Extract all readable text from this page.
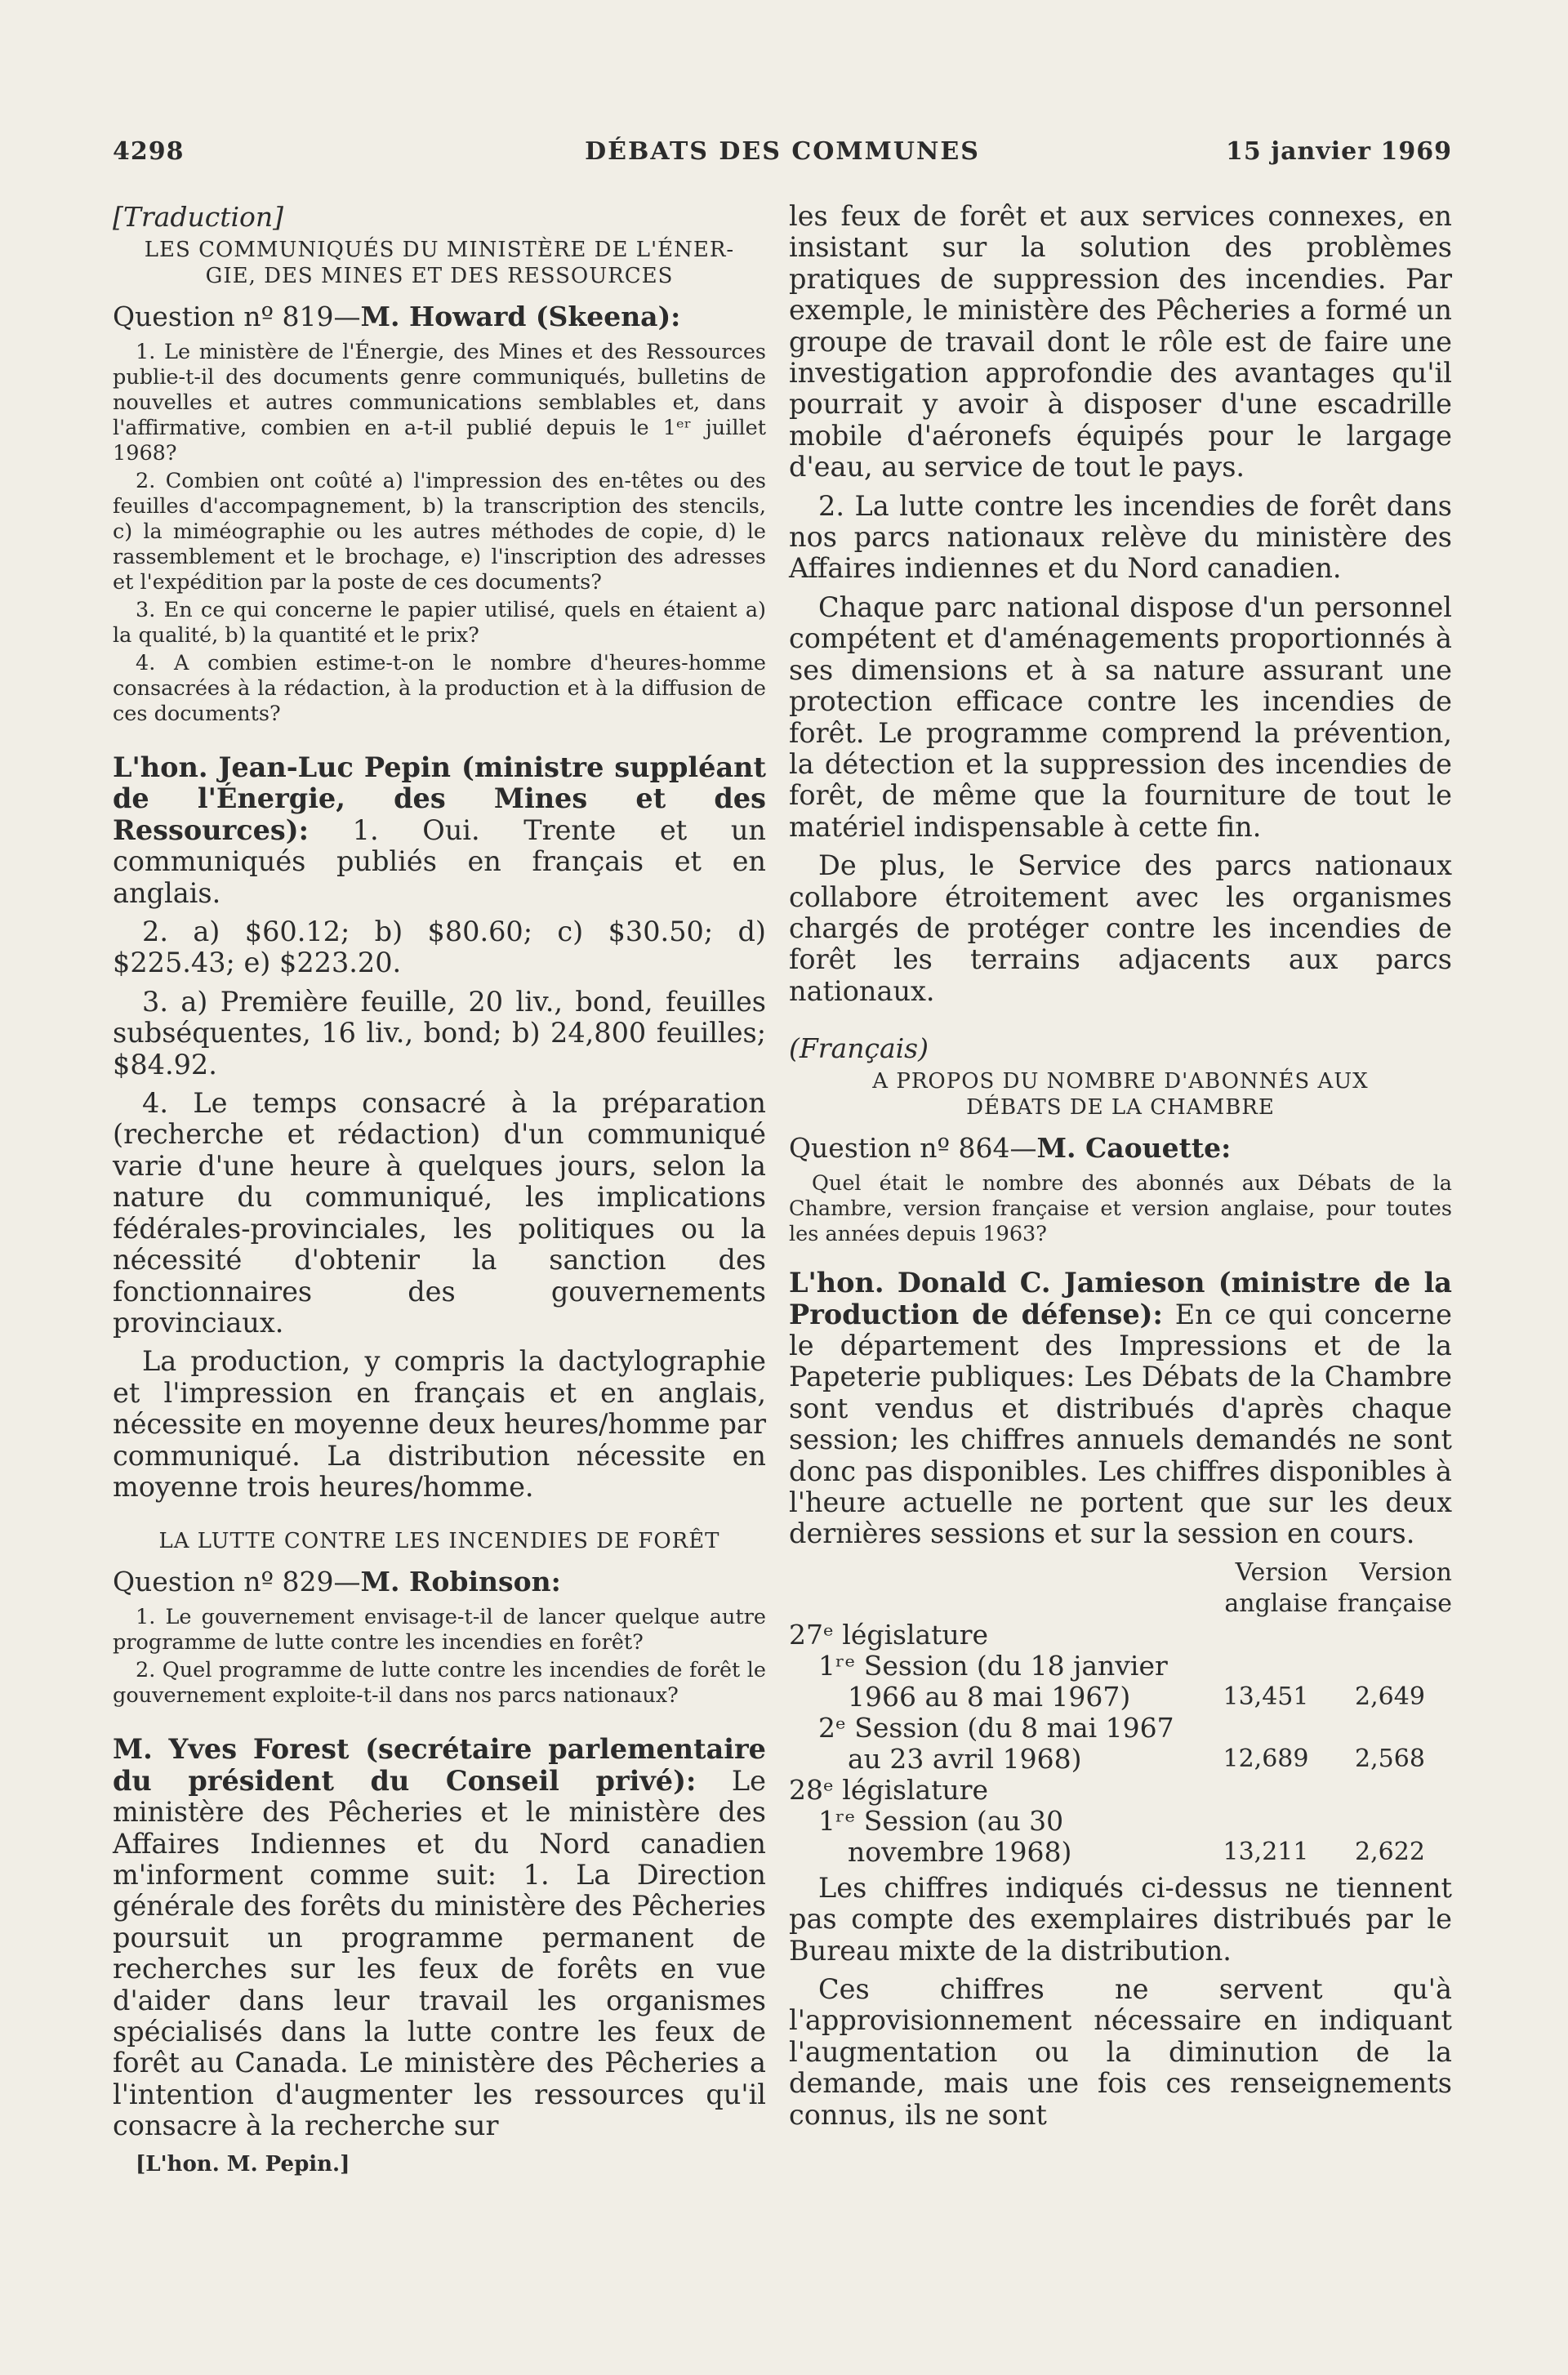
4298	DÉBATS DES COMMUNES	15 janvier 1969
[Traduction]
LES COMMUNIQUÉS DU MINISTÈRE DE L'ÉNER-
GIE, DES MINES ET DES RESSOURCES
Question nº 819—M. Howard (Skeena):

1. Le ministère de l'Énergie, des Mines et des Ressources publie-t-il des documents genre communiqués, bulletins de nouvelles et autres communications semblables et, dans l'affirmative, combien en a-t-il publié depuis le 1ᵉʳ juillet 1968?

2. Combien ont coûté a) l'impression des en-têtes ou des feuilles d'accompagnement, b) la transcription des stencils, c) la miméographie ou les autres méthodes de copie, d) le rassemblement et le brochage, e) l'inscription des adresses et l'expédition par la poste de ces documents?

3. En ce qui concerne le papier utilisé, quels en étaient a) la qualité, b) la quantité et le prix?

4. A combien estime-t-on le nombre d'heures-homme consacrées à la rédaction, à la production et à la diffusion de ces documents?

L'hon. Jean-Luc Pepin (ministre suppléant de l'Énergie, des Mines et des Ressources): 1. Oui. Trente et un communiqués publiés en français et en anglais.

2. a) $60.12; b) $80.60; c) $30.50; d) $225.43; e) $223.20.

3. a) Première feuille, 20 liv., bond, feuilles subséquentes, 16 liv., bond; b) 24,800 feuilles; $84.92.

4. Le temps consacré à la préparation (recherche et rédaction) d'un communiqué varie d'une heure à quelques jours, selon la nature du communiqué, les implications fédérales-provinciales, les politiques ou la nécessité d'obtenir la sanction des fonctionnaires des gouvernements provinciaux.

La production, y compris la dactylographie et l'impression en français et en anglais, nécessite en moyenne deux heures/homme par communiqué. La distribution nécessite en moyenne trois heures/homme.

LA LUTTE CONTRE LES INCENDIES DE FORÊT
Question nº 829—M. Robinson:

1. Le gouvernement envisage-t-il de lancer quelque autre programme de lutte contre les incendies en forêt?

2. Quel programme de lutte contre les incendies de forêt le gouvernement exploite-t-il dans nos parcs nationaux?

M. Yves Forest (secrétaire parlementaire du président du Conseil privé): Le ministère des Pêcheries et le ministère des Affaires Indiennes et du Nord canadien m'informent comme suit: 1. La Direction générale des forêts du ministère des Pêcheries poursuit un programme permanent de recherches sur les feux de forêts en vue d'aider dans leur travail les organismes spécialisés dans la lutte contre les feux de forêt au Canada. Le ministère des Pêcheries a l'intention d'augmenter les ressources qu'il consacre à la recherche sur

[L'hon. M. Pepin.]

les feux de forêt et aux services connexes, en insistant sur la solution des problèmes pratiques de suppression des incendies. Par exemple, le ministère des Pêcheries a formé un groupe de travail dont le rôle est de faire une investigation approfondie des avantages qu'il pourrait y avoir à disposer d'une escadrille mobile d'aéronefs équipés pour le largage d'eau, au service de tout le pays.

2. La lutte contre les incendies de forêt dans nos parcs nationaux relève du ministère des Affaires indiennes et du Nord canadien.

Chaque parc national dispose d'un personnel compétent et d'aménagements proportionnés à ses dimensions et à sa nature assurant une protection efficace contre les incendies de forêt. Le programme comprend la prévention, la détection et la suppression des incendies de forêt, de même que la fourniture de tout le matériel indispensable à cette fin.

De plus, le Service des parcs nationaux collabore étroitement avec les organismes chargés de protéger contre les incendies de forêt les terrains adjacents aux parcs nationaux.

(Français)
A PROPOS DU NOMBRE D'ABONNÉS AUX
DÉBATS DE LA CHAMBRE
Question nº 864—M. Caouette:

Quel était le nombre des abonnés aux Débats de la Chambre, version française et version anglaise, pour toutes les années depuis 1963?

L'hon. Donald C. Jamieson (ministre de la Production de défense): En ce qui concerne le département des Impressions et de la Papeterie publiques: Les Débats de la Chambre sont vendus et distribués d'après chaque session; les chiffres annuels demandés ne sont donc pas disponibles. Les chiffres disponibles à l'heure actuelle ne portent que sur les deux dernières sessions et sur la session en cours.

	Version	Version
	anglaise	française
27ᵉ législature		
1ʳᵉ Session (du 18 janvier		
1966 au 8 mai 1967)	13,451	2,649
2ᵉ Session (du 8 mai 1967		
au 23 avril 1968)	12,689	2,568
28ᵉ législature		
1ʳᵉ Session (au 30		
novembre 1968)	13,211	2,622

Les chiffres indiqués ci-dessus ne tiennent pas compte des exemplaires distribués par le Bureau mixte de la distribution.

Ces chiffres ne servent qu'à l'approvisionnement nécessaire en indiquant l'augmentation ou la diminution de la demande, mais une fois ces renseignements connus, ils ne sont
